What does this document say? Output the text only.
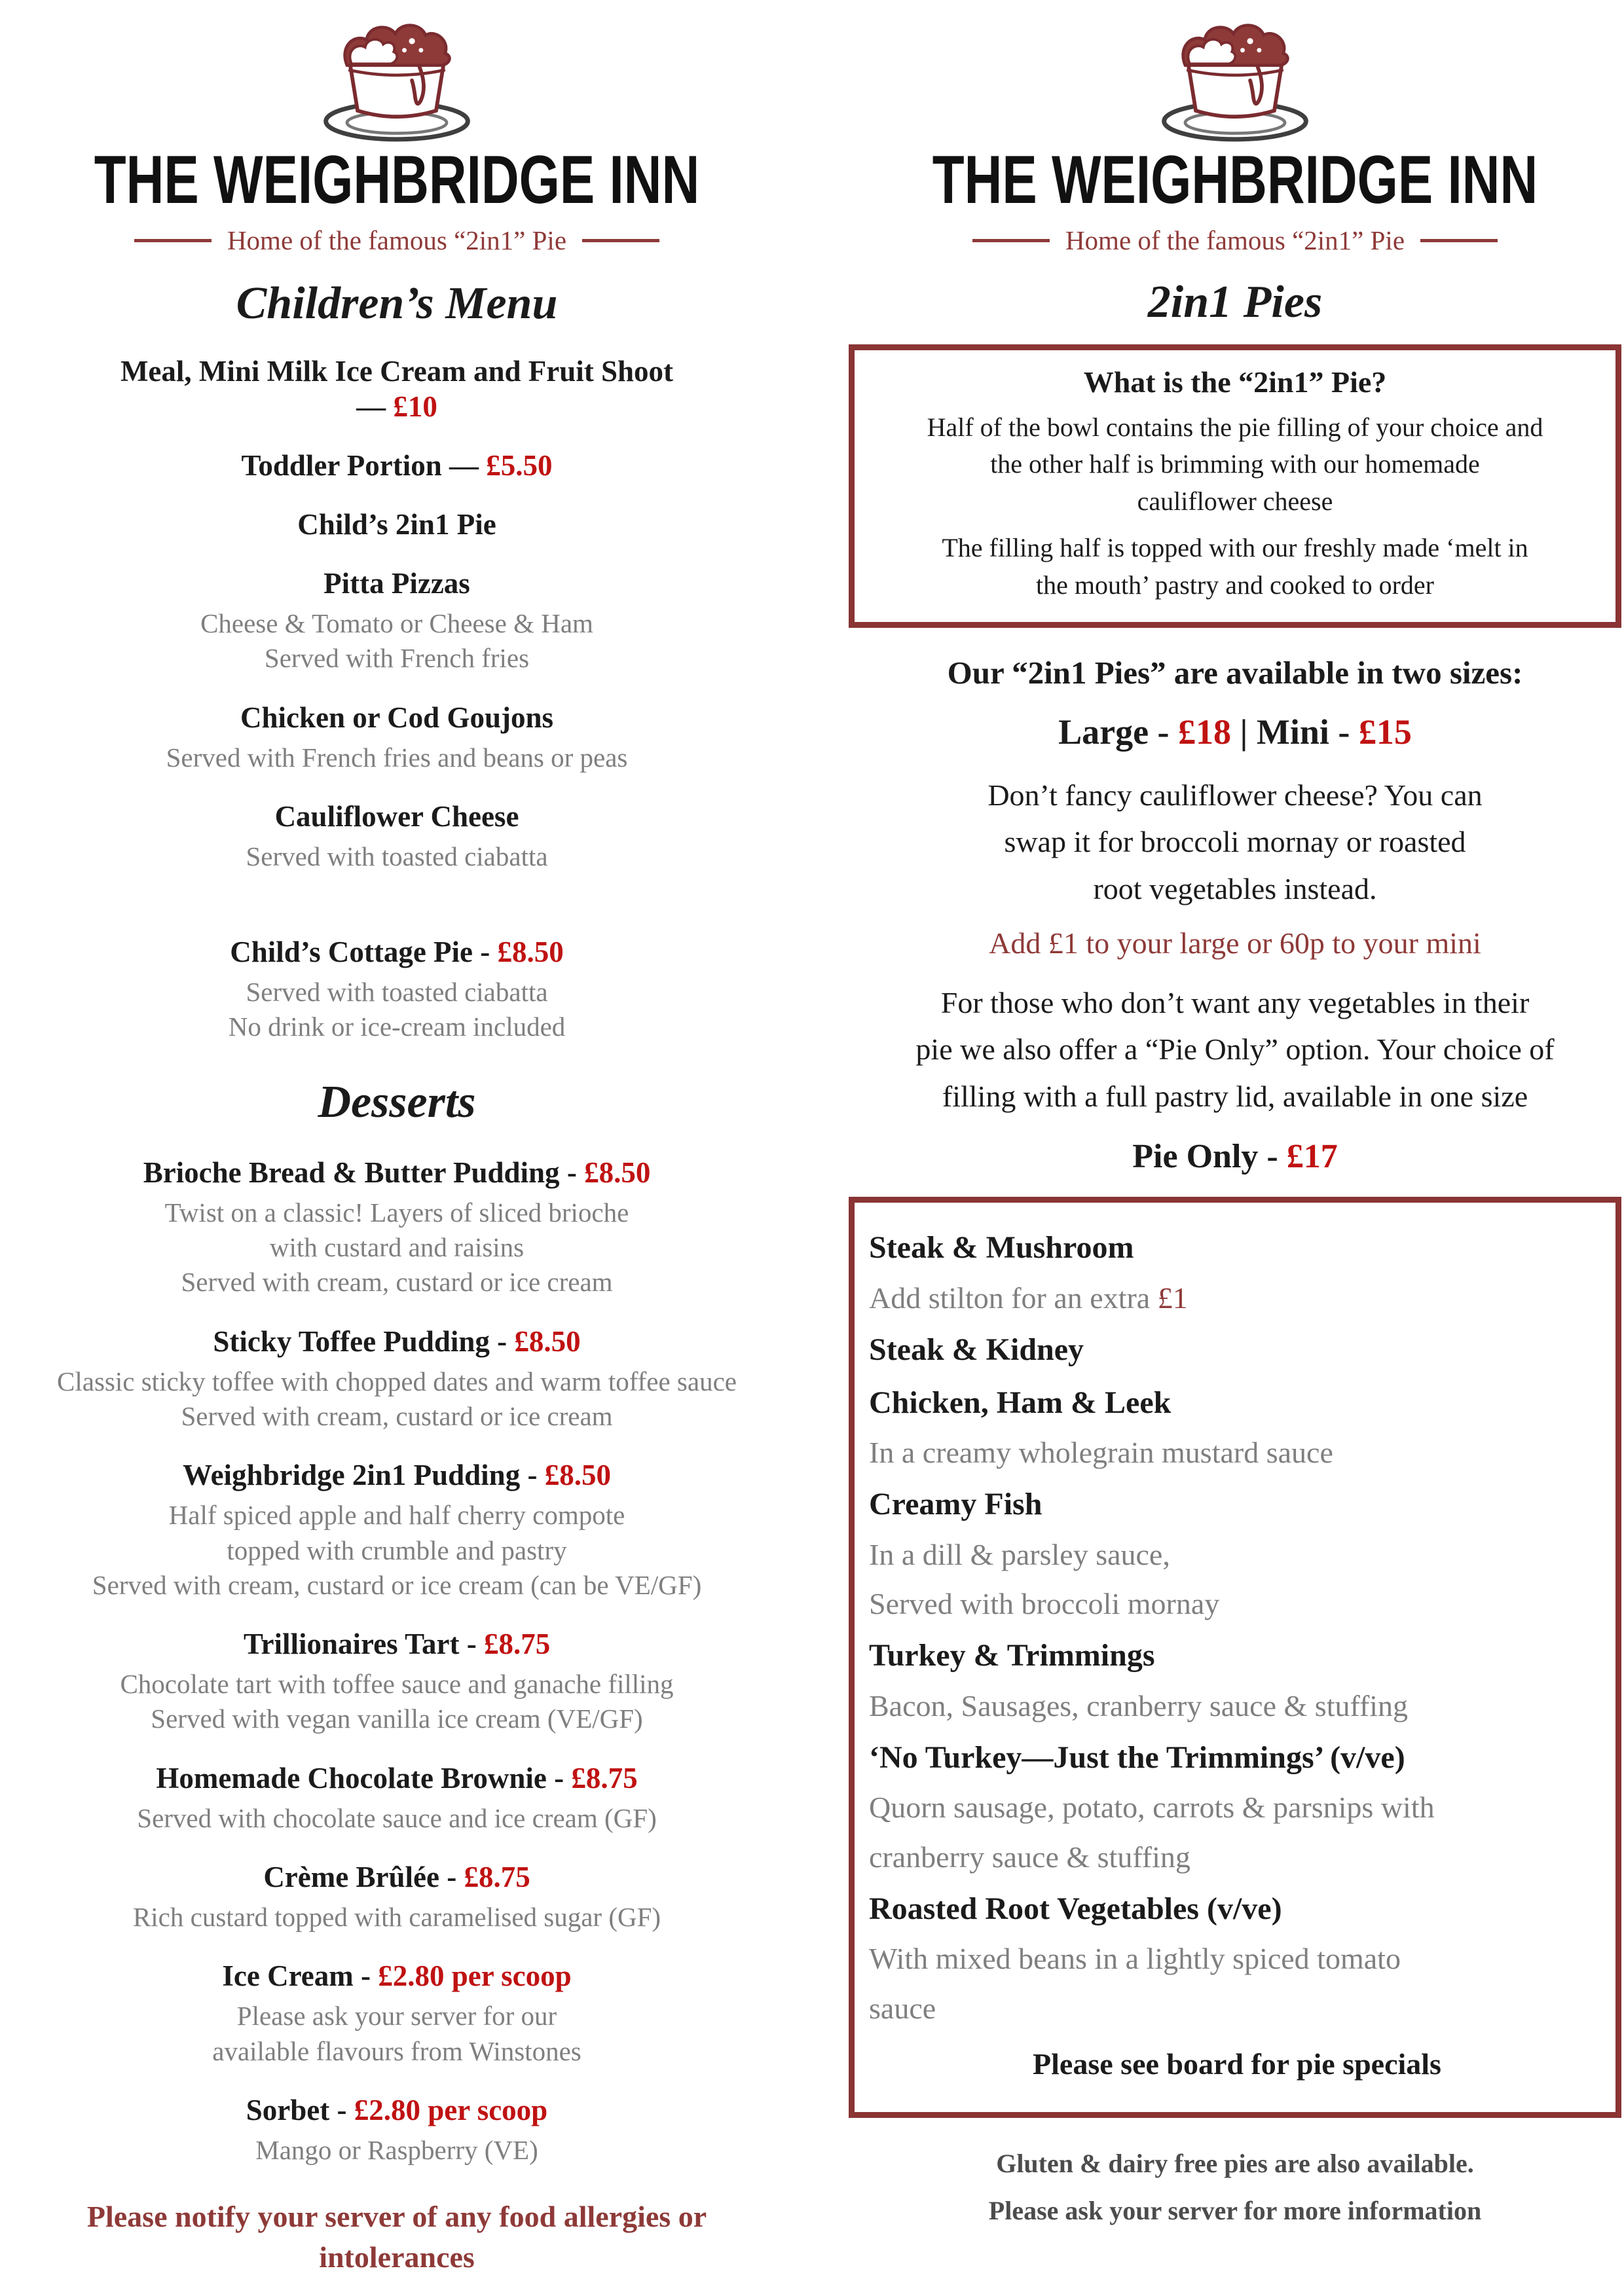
THE WEIGHBRIDGE INN
Home of the famous “2in1” Pie
Children’s Menu
Meal, Mini Milk Ice Cream and Fruit Shoot
— £10
Toddler Portion — £5.50
Child’s 2in1 Pie
Pitta Pizzas
Cheese & Tomato or Cheese & Ham
Served with French fries
Chicken or Cod Goujons
Served with French fries and beans or peas
Cauliflower Cheese
Served with toasted ciabatta
Child’s Cottage Pie - £8.50
Served with toasted ciabatta
No drink or ice-cream included
Desserts
Brioche Bread & Butter Pudding - £8.50
Twist on a classic! Layers of sliced brioche
with custard and raisins
Served with cream, custard or ice cream
Sticky Toffee Pudding - £8.50
Classic sticky toffee with chopped dates and warm toffee sauce
Served with cream, custard or ice cream
Weighbridge 2in1 Pudding - £8.50
Half spiced apple and half cherry compote
topped with crumble and pastry
Served with cream, custard or ice cream (can be VE/GF)
Trillionaires Tart - £8.75
Chocolate tart with toffee sauce and ganache filling
Served with vegan vanilla ice cream (VE/GF)
Homemade Chocolate Brownie - £8.75
Served with chocolate sauce and ice cream (GF)
Crème Brûlée - £8.75
Rich custard topped with caramelised sugar (GF)
Ice Cream - £2.80 per scoop
Please ask your server for our
available flavours from Winstones
Sorbet - £2.80 per scoop
Mango or Raspberry (VE)
Please notify your server of any food allergies or
intolerances
THE WEIGHBRIDGE INN
Home of the famous “2in1” Pie
2in1 Pies
What is the “2in1” Pie?
Half of the bowl contains the pie filling of your choice and
the other half is brimming with our homemade
cauliflower cheese
The filling half is topped with our freshly made ‘melt in
the mouth’ pastry and cooked to order
Our “2in1 Pies” are available in two sizes:
Large - £18 | Mini - £15
Don’t fancy cauliflower cheese? You can
swap it for broccoli mornay or roasted
root vegetables instead.
Add £1 to your large or 60p to your mini
For those who don’t want any vegetables in their
pie we also offer a “Pie Only” option. Your choice of
filling with a full pastry lid, available in one size
Pie Only - £17
Steak & Mushroom
Add stilton for an extra £1
Steak & Kidney
Chicken, Ham & Leek
In a creamy wholegrain mustard sauce
Creamy Fish
In a dill & parsley sauce,
Served with broccoli mornay
Turkey & Trimmings
Bacon, Sausages, cranberry sauce & stuffing
‘No Turkey—Just the Trimmings’ (v/ve)
Quorn sausage, potato, carrots & parsnips with
cranberry sauce & stuffing
Roasted Root Vegetables (v/ve)
With mixed beans in a lightly spiced tomato
sauce
Please see board for pie specials
Gluten & dairy free pies are also available.
Please ask your server for more information
